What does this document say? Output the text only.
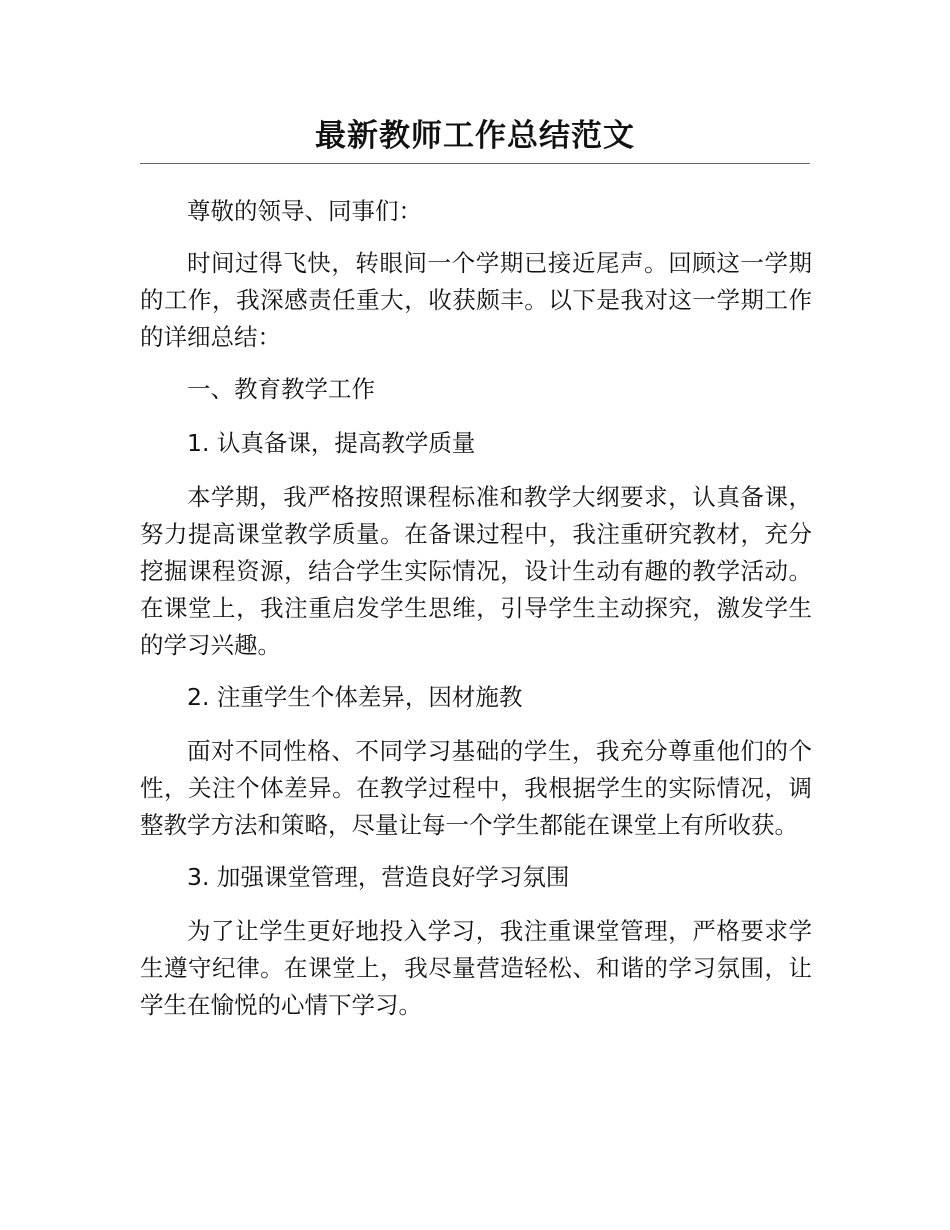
最新教师工作总结范文

尊敬的领导、同事们：

时间过得飞快，转眼间一个学期已接近尾声。回顾这一学期的工作，我深感责任重大，收获颇丰。以下是我对这一学期工作的详细总结：

一、教育教学工作

1. 认真备课，提高教学质量

本学期，我严格按照课程标准和教学大纲要求，认真备课，努力提高课堂教学质量。在备课过程中，我注重研究教材，充分挖掘课程资源，结合学生实际情况，设计生动有趣的教学活动。在课堂上，我注重启发学生思维，引导学生主动探究，激发学生的学习兴趣。

2. 注重学生个体差异，因材施教

面对不同性格、不同学习基础的学生，我充分尊重他们的个性，关注个体差异。在教学过程中，我根据学生的实际情况，调整教学方法和策略，尽量让每一个学生都能在课堂上有所收获。

3. 加强课堂管理，营造良好学习氛围

为了让学生更好地投入学习，我注重课堂管理，严格要求学生遵守纪律。在课堂上，我尽量营造轻松、和谐的学习氛围，让学生在愉悦的心情下学习。
